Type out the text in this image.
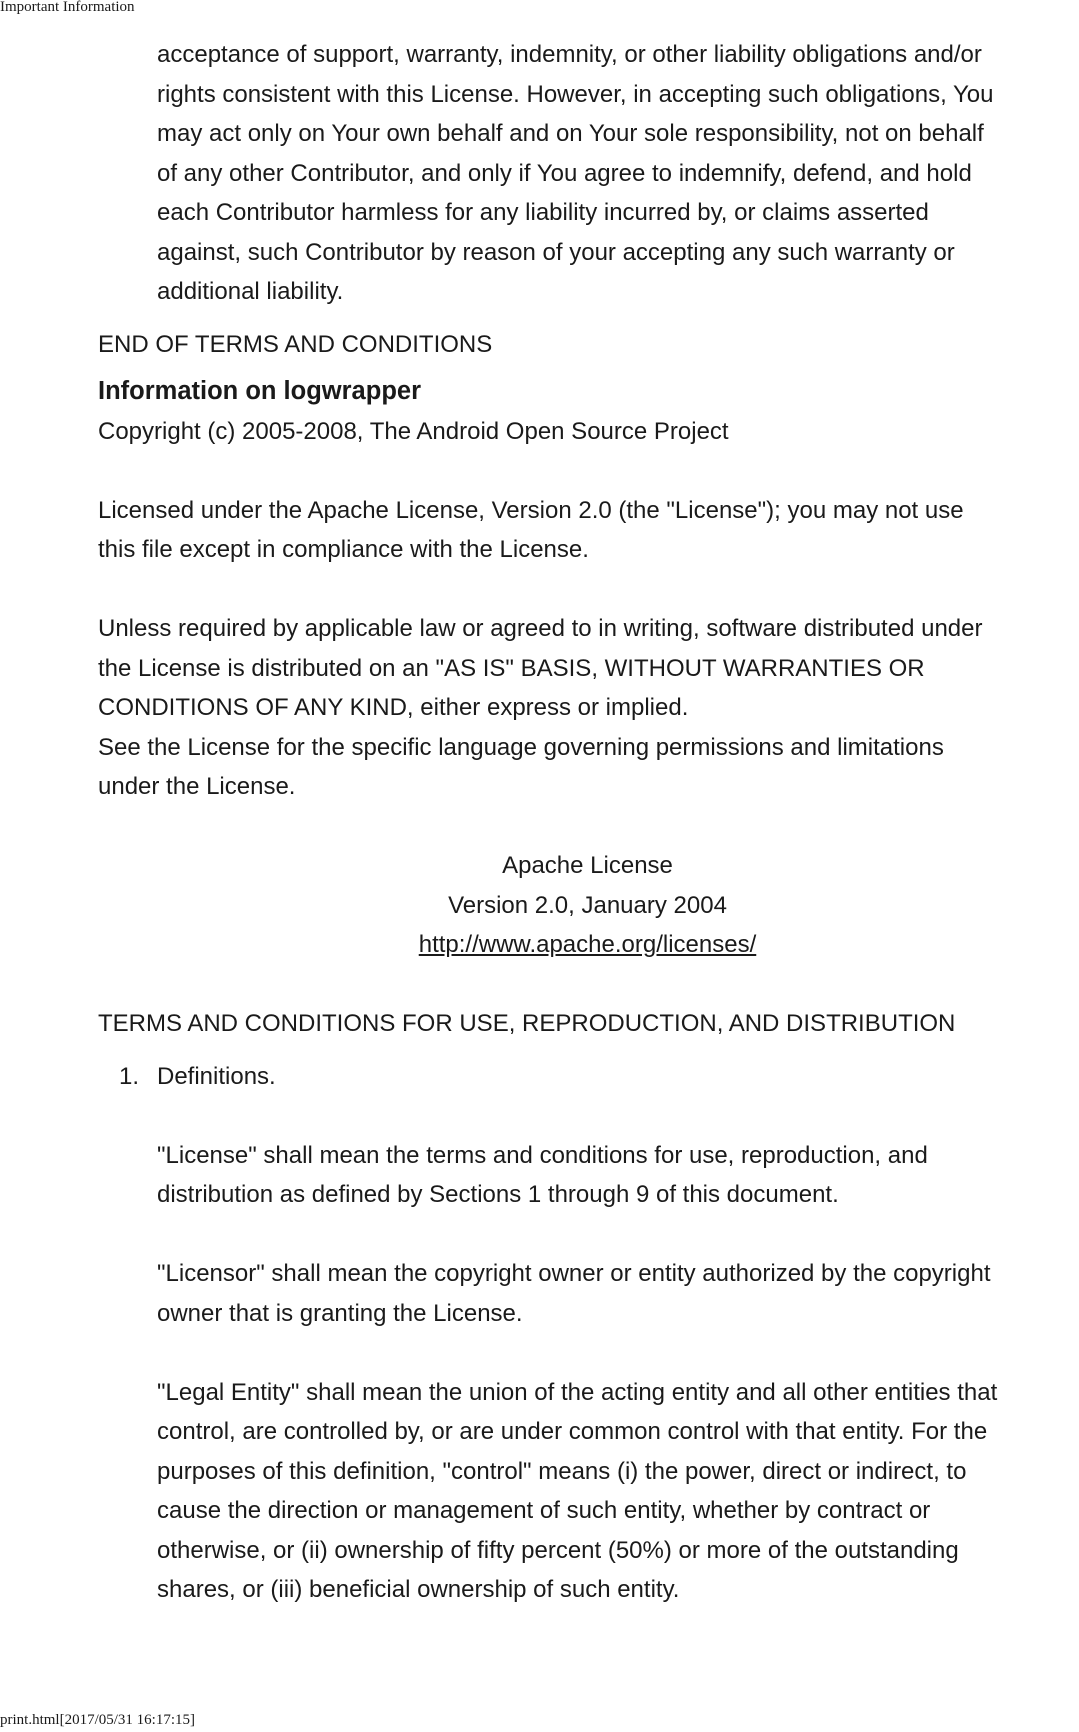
Important Information
acceptance of support, warranty, indemnity, or other liability obligations and/or
rights consistent with this License. However, in accepting such obligations, You
may act only on Your own behalf and on Your sole responsibility, not on behalf
of any other Contributor, and only if You agree to indemnify, defend, and hold
each Contributor harmless for any liability incurred by, or claims asserted
against, such Contributor by reason of your accepting any such warranty or
additional liability.
END OF TERMS AND CONDITIONS
Information on logwrapper
Copyright (c) 2005-2008, The Android Open Source Project
Licensed under the Apache License, Version 2.0 (the "License"); you may not use
this file except in compliance with the License.
Unless required by applicable law or agreed to in writing, software distributed under
the License is distributed on an "AS IS" BASIS, WITHOUT WARRANTIES OR
CONDITIONS OF ANY KIND, either express or implied.
See the License for the specific language governing permissions and limitations
under the License.
Apache License
Version 2.0, January 2004
http://www.apache.org/licenses/
TERMS AND CONDITIONS FOR USE, REPRODUCTION, AND DISTRIBUTION
1. Definitions.
"License" shall mean the terms and conditions for use, reproduction, and
distribution as defined by Sections 1 through 9 of this document.
"Licensor" shall mean the copyright owner or entity authorized by the copyright
owner that is granting the License.
"Legal Entity" shall mean the union of the acting entity and all other entities that
control, are controlled by, or are under common control with that entity. For the
purposes of this definition, "control" means (i) the power, direct or indirect, to
cause the direction or management of such entity, whether by contract or
otherwise, or (ii) ownership of fifty percent (50%) or more of the outstanding
shares, or (iii) beneficial ownership of such entity.
print.html[2017/05/31 16:17:15]
